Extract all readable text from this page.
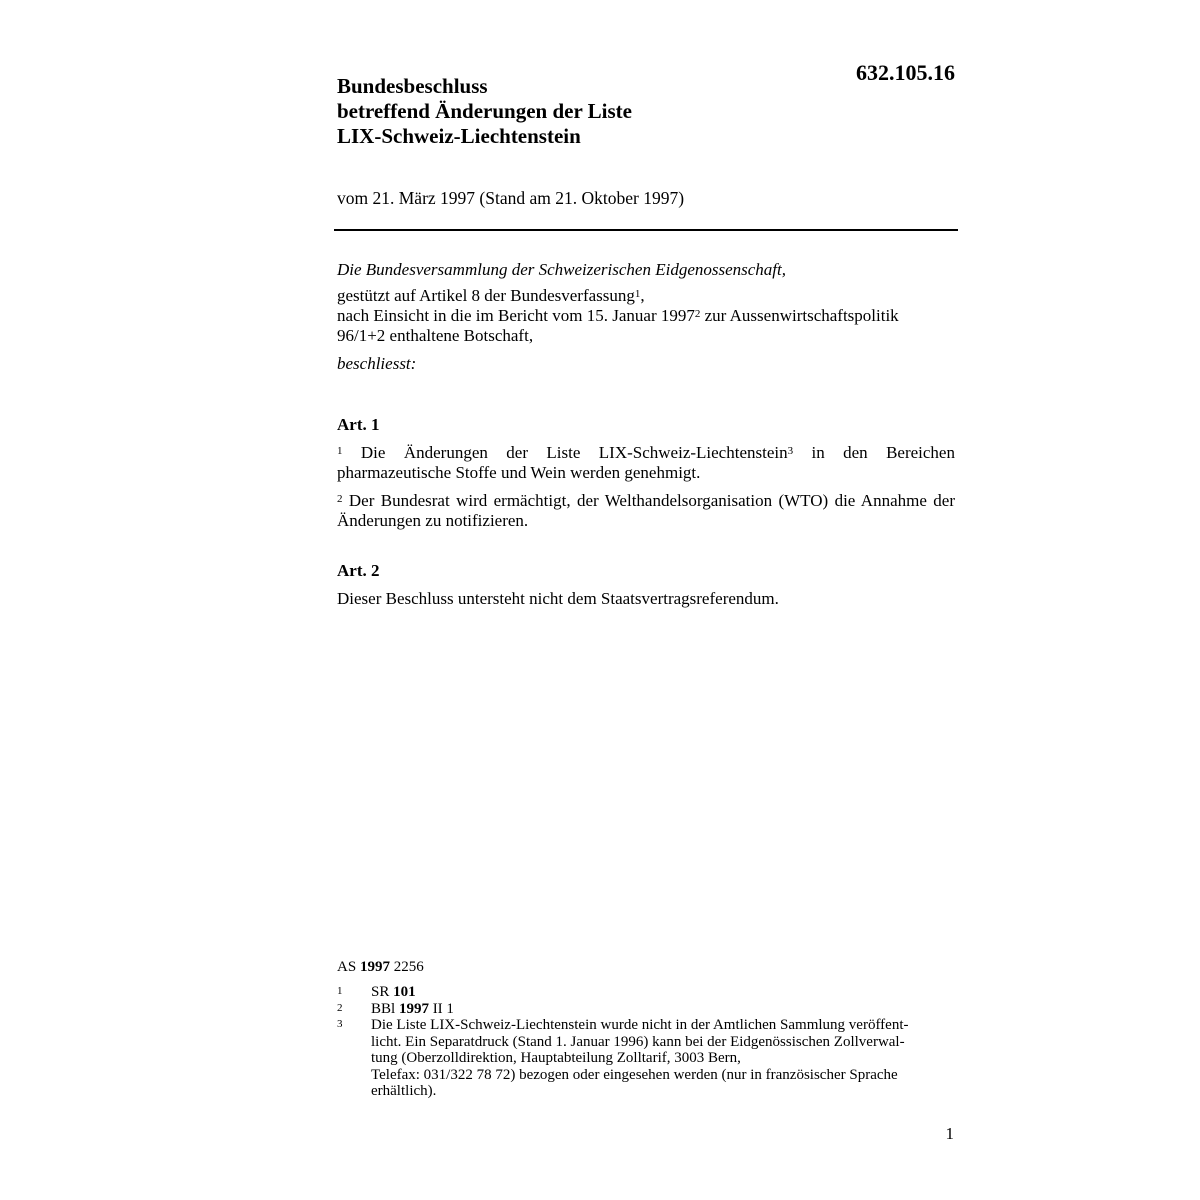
632.105.16
Bundesbeschluss
betreffend Änderungen der Liste
LIX-Schweiz-Liechtenstein
vom 21. März 1997 (Stand am 21. Oktober 1997)
Die Bundesversammlung der Schweizerischen Eidgenossenschaft,
gestützt auf Artikel 8 der Bundesverfassung$^1$,
nach Einsicht in die im Bericht vom 15. Januar 1997$^2$ zur Aussenwirtschaftspolitik
96/1+2 enthaltene Botschaft,
beschliesst:
Art. 1
$^1$ Die Änderungen der Liste LIX-Schweiz-Liechtenstein$^3$ in den Bereichen pharmazeutische Stoffe und Wein werden genehmigt.
$^2$ Der Bundesrat wird ermächtigt, der Welthandelsorganisation (WTO) die Annahme der Änderungen zu notifizieren.
Art. 2
Dieser Beschluss untersteht nicht dem Staatsvertragsreferendum.
AS 1997 2256
1	SR 101
2	BBl 1997 II 1
3	Die Liste LIX-Schweiz-Liechtenstein wurde nicht in der Amtlichen Sammlung veröffent-
licht. Ein Separatdruck (Stand 1. Januar 1996) kann bei der Eidgenössischen Zollverwal-
tung (Oberzolldirektion, Hauptabteilung Zolltarif, 3003 Bern,
Telefax: 031/322 78 72) bezogen oder eingesehen werden (nur in französischer Sprache
erhältlich).
1
